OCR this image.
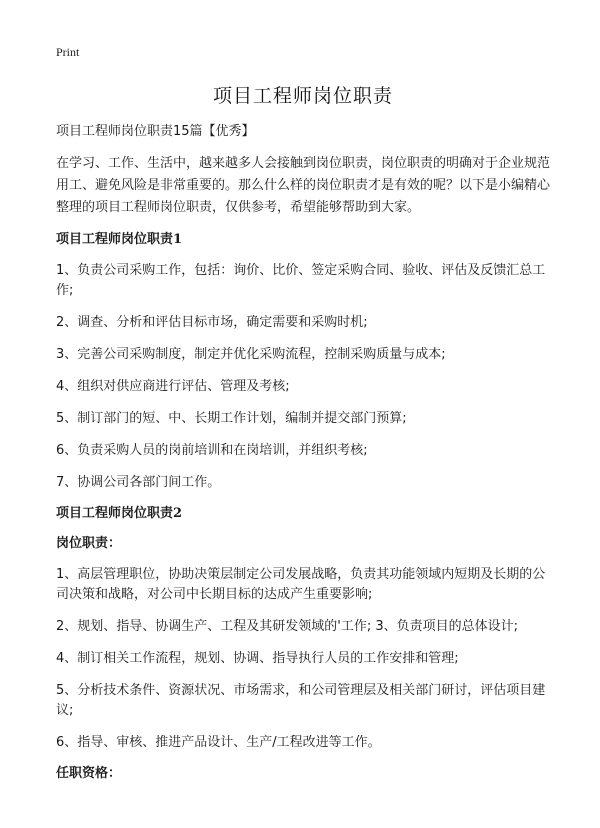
Print
项目工程师岗位职责
项目工程师岗位职责15篇【优秀】
在学习、工作、生活中，越来越多人会接触到岗位职责，岗位职责的明确对于企业规范用工、避免风险是非常重要的。那么什么样的岗位职责才是有效的呢？以下是小编精心整理的项目工程师岗位职责，仅供参考，希望能够帮助到大家。
项目工程师岗位职责1
1、负责公司采购工作，包括：询价、比价、签定采购合同、验收、评估及反馈汇总工作;
2、调查、分析和评估目标市场，确定需要和采购时机;
3、完善公司采购制度，制定并优化采购流程，控制采购质量与成本;
4、组织对供应商进行评估、管理及考核;
5、制订部门的短、中、长期工作计划，编制并提交部门预算;
6、负责采购人员的岗前培训和在岗培训，并组织考核;
7、协调公司各部门间工作。
项目工程师岗位职责2
岗位职责：
1、高层管理职位，协助决策层制定公司发展战略，负责其功能领域内短期及长期的公司决策和战略，对公司中长期目标的达成产生重要影响;
2、规划、指导、协调生产、工程及其研发领域的'工作; 3、负责项目的总体设计;
4、制订相关工作流程，规划、协调、指导执行人员的工作安排和管理;
5、分析技术条件、资源状况、市场需求，和公司管理层及相关部门研讨，评估项目建议;
6、指导、审核、推进产品设计、生产/工程改进等工作。
任职资格：
